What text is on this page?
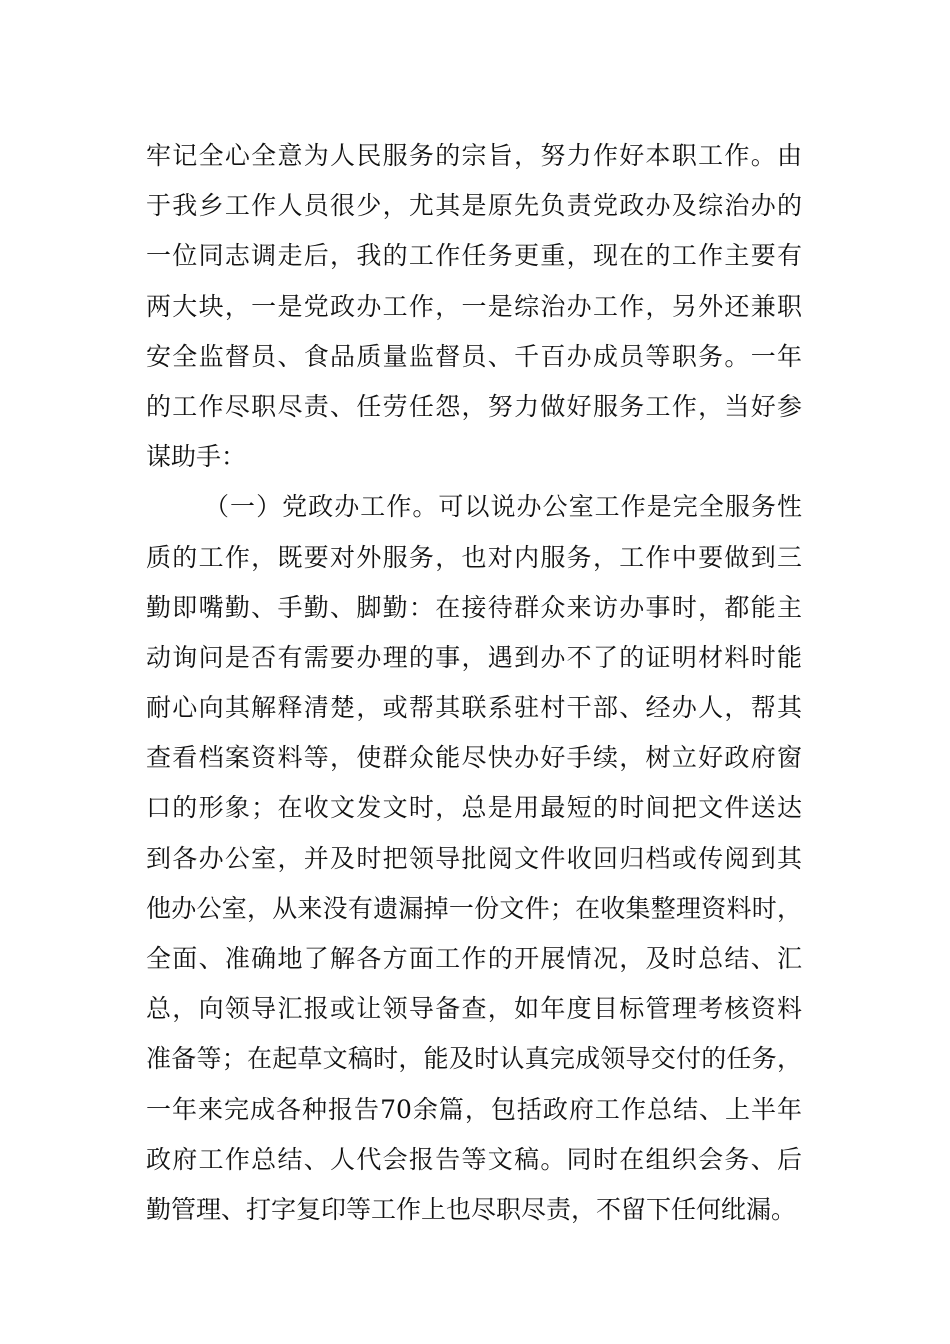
牢记全心全意为人民服务的宗旨，努力作好本职工作。由
于我乡工作人员很少，尤其是原先负责党政办及综治办的
一位同志调走后，我的工作任务更重，现在的工作主要有
两大块，一是党政办工作，一是综治办工作，另外还兼职
安全监督员、食品质量监督员、千百办成员等职务。一年
的工作尽职尽责、任劳任怨，努力做好服务工作，当好参
谋助手：
（一）党政办工作。可以说办公室工作是完全服务性
质的工作，既要对外服务，也对内服务，工作中要做到三
勤即嘴勤、手勤、脚勤：在接待群众来访办事时，都能主
动询问是否有需要办理的事，遇到办不了的证明材料时能
耐心向其解释清楚，或帮其联系驻村干部、经办人，帮其
查看档案资料等，使群众能尽快办好手续，树立好政府窗
口的形象；在收文发文时，总是用最短的时间把文件送达
到各办公室，并及时把领导批阅文件收回归档或传阅到其
他办公室，从来没有遗漏掉一份文件；在收集整理资料时，
全面、准确地了解各方面工作的开展情况，及时总结、汇
总，向领导汇报或让领导备查，如年度目标管理考核资料
准备等；在起草文稿时，能及时认真完成领导交付的任务，
一年来完成各种报告70余篇，包括政府工作总结、上半年
政府工作总结、人代会报告等文稿。同时在组织会务、后
勤管理、打字复印等工作上也尽职尽责，不留下任何纰漏。
